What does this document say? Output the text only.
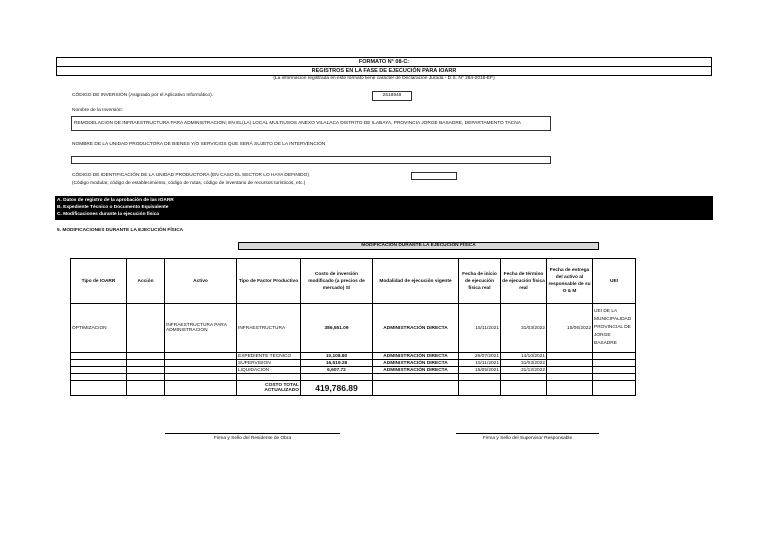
FORMATO N° 08-C:
REGISTROS EN LA FASE DE EJECUCIÓN PARA IOARR
(La información registrada en este formato tiene carácter de Declaración Jurada - D.S. N° 284-2018-EF)
CÓDIGO DE INVERSIÓN (Asignado por el Aplicativo Informático).	2518948
Nombre de la Inversión:
REMODELACION DE INFRAESTRUCTURA PARA ADMINISTRACION; EN EL(LA) LOCAL MULTIUSOS ANEXO VILALACA DISTRITO DE ILABAYA, PROVINCIA JORGE BASADRE, DEPARTAMENTO TACNA
NOMBRE DE LA UNIDAD PRODUCTORA DE BIENES Y/O SERVICIOS QUE SERÁ SUJETO DE LA INTERVENCIÓN
CÓDIGO DE IDENTIFICACIÓN DE LA UNIDAD PRODUCTORA (EN CASO EL SECTOR LO HAYA DEFINIDO)
(Código modular, código de establecimiento, código de rutas, código de inventario de recursos turísticos, etc.)
A. Datos de registro de la aprobación de las IOARR
B. Expediente Técnico o Documento Equivalente
C. Modificaciones durante la ejecución física
5. MODIFICACIONES DURANTE LA EJECUCIÓN FÍSICA
MODIFICACIÓN DURANTE LA EJECUCIÓN FÍSICA
Tipo de IOARR	Acción	Activo	Tipo de Factor Productivo	Costo de inversión modificado (a precios de mercado) S/	Modalidad de ejecución vigente	Fecha de inicio de ejecución física real	Fecha de término de ejecución física real	Fecha de entrega del activo al responsable de su O & M	UEI
OPTIMIZACION		INFRAESTRUCTURA PARA ADMINISTRACION	INFRAESTRUCTURA	386,551.09	ADMINISTRACIÓN DIRECTA	15/11/2021	31/03/2022	15/06/2022	UEI DE LA MUNICIPALIDAD PROVINCIAL DE JORGE BASADRE
			EXPEDIENTE TECNICO	10,108.80	ADMINISTRACIÓN DIRECTA	26/07/2021	14/10/2021		
			SUPERVISION	16,519.28	ADMINISTRACIÓN DIRECTA	15/11/2021	31/03/2022		
			LIQUIDACION	6,607.72	ADMINISTRACIÓN DIRECTA	15/05/2021	31/12/2022		

			COSTO TOTAL ACTUALIZADO	419,786.89					
Firma y Sello del Residente de Obra	Firma y Sello del Supervisor Responsable
